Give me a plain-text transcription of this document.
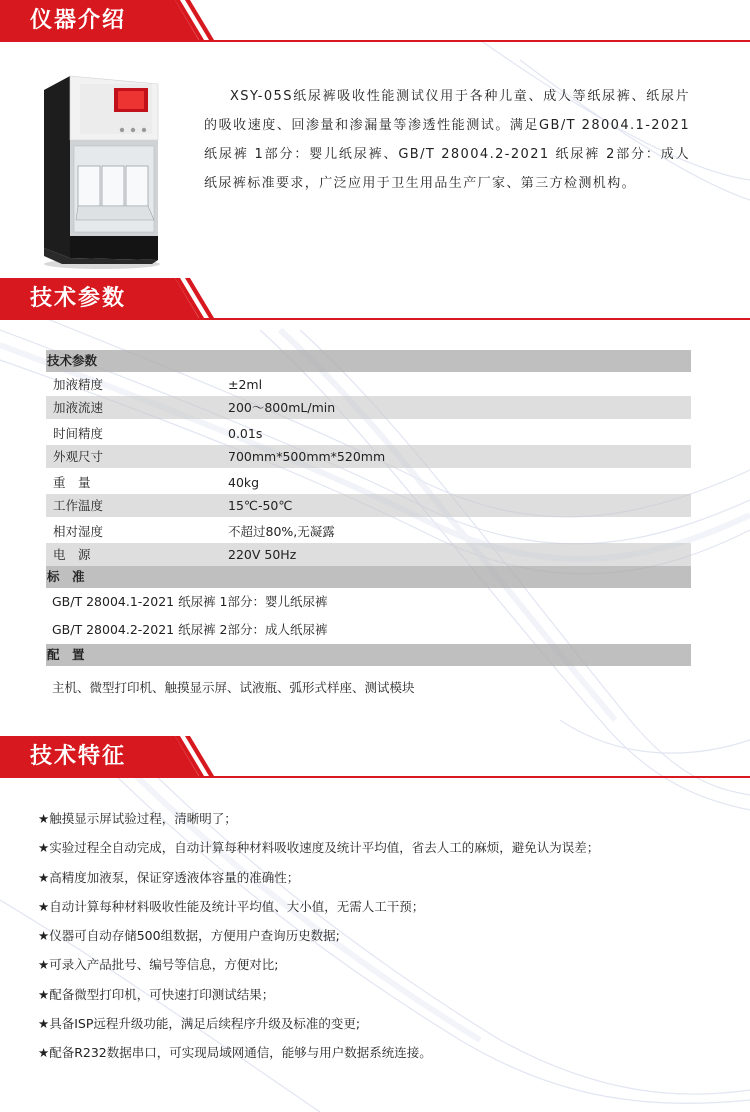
仪器介绍
XSY-05S纸尿裤吸收性能测试仪用于各种儿童、成人等纸尿裤、纸尿片的吸收速度、回渗量和渗漏量等渗透性能测试。满足GB/T 28004.1-2021 纸尿裤 1部分：婴儿纸尿裤、GB/T 28004.2-2021 纸尿裤 2部分：成人纸尿裤标准要求，广泛应用于卫生用品生产厂家、第三方检测机构。
技术参数
技术参数
加液精度	±2ml
加液流速	200～800mL/min
时间精度	0.01s
外观尺寸	700mm*500mm*520mm
重　量	40kg
工作温度	15℃-50℃
相对湿度	不超过80%,无凝露
电　源	220V 50Hz
标　准
GB/T 28004.1-2021 纸尿裤 1部分：婴儿纸尿裤
GB/T 28004.2-2021 纸尿裤 2部分：成人纸尿裤
配　置
主机、微型打印机、触摸显示屏、试液瓶、弧形式样座、测试模块
技术特征
★触摸显示屏试验过程，清晰明了；
★实验过程全自动完成，自动计算每种材料吸收速度及统计平均值，省去人工的麻烦，避免认为误差；
★高精度加液泵，保证穿透液体容量的准确性；
★自动计算每种材料吸收性能及统计平均值、大小值，无需人工干预；
★仪器可自动存储500组数据，方便用户查询历史数据;
★可录入产品批号、编号等信息，方便对比;
★配备微型打印机，可快速打印测试结果；
★具备ISP远程升级功能，满足后续程序升级及标准的变更;
★配备R232数据串口，可实现局域网通信，能够与用户数据系统连接。
